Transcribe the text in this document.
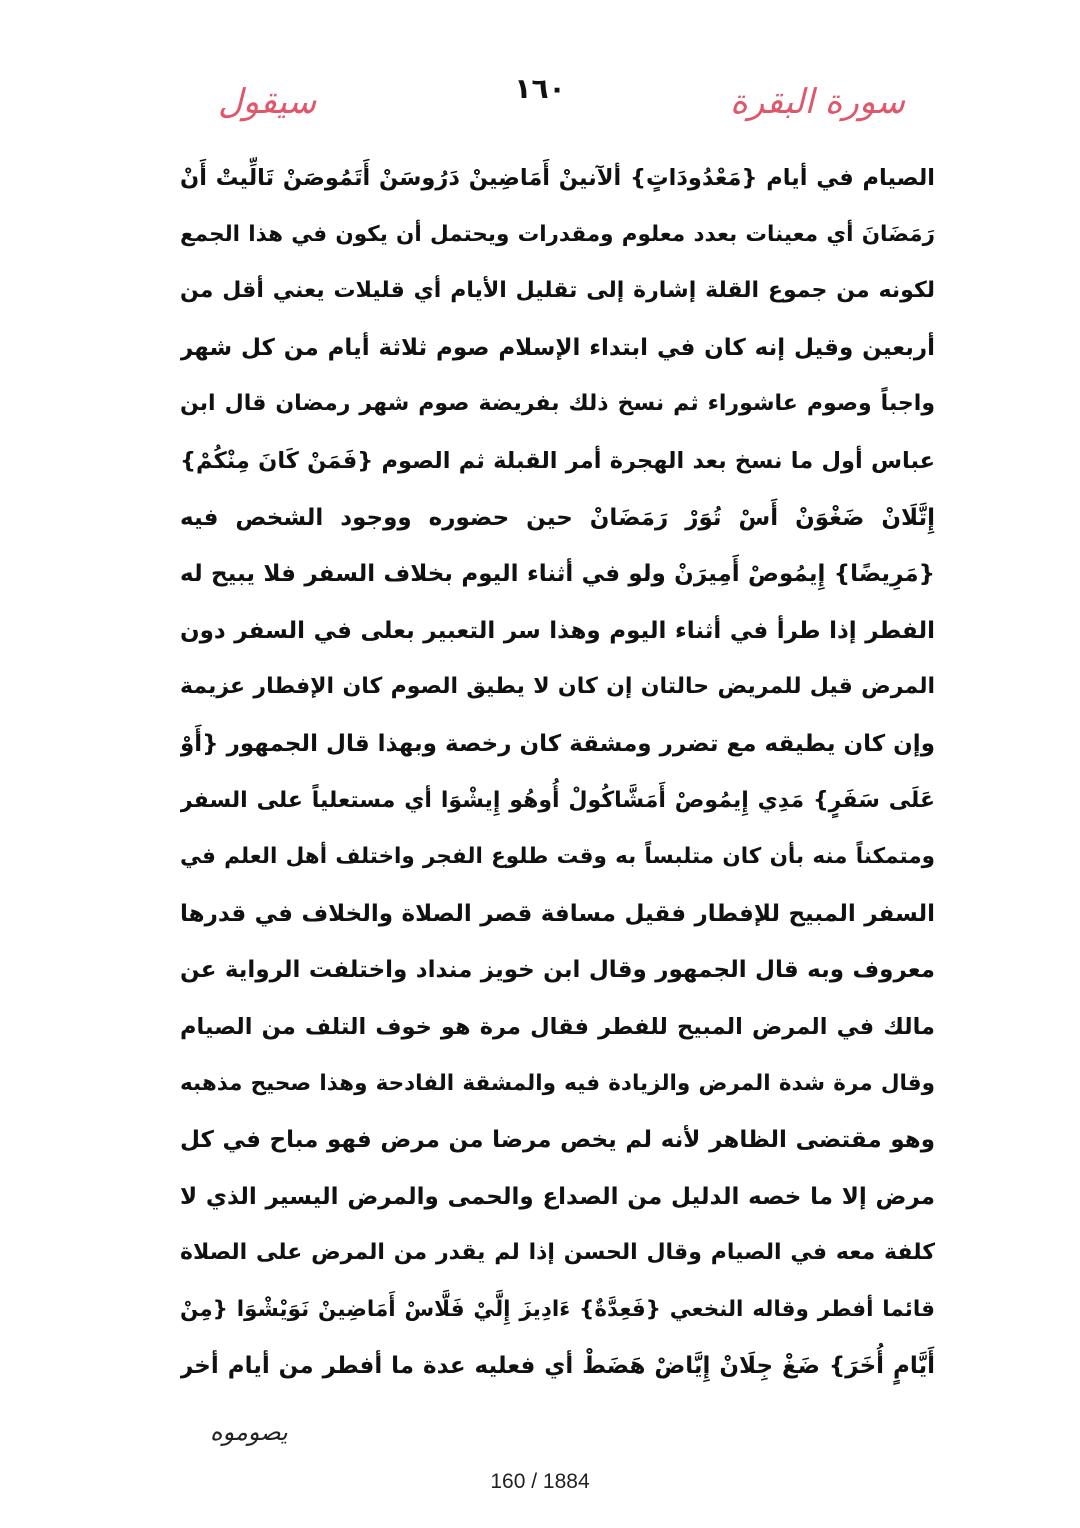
١٦٠	سورة البقرة
سيقول
الصيام في أيام {مَعْدُودَاتٍ} ألآنينْ أَمَاضِينْ دَرُوسَنْ أَتَمُوصَنْ تَالِّيتْ أَنْ
رَمَضَانَ أي معينات بعدد معلوم ومقدرات ويحتمل أن يكون في هذا الجمع
لكونه من جموع القلة إشارة إلى تقليل الأيام أي قليلات يعني أقل من
أربعين وقيل إنه كان في ابتداء الإسلام صوم ثلاثة أيام من كل شهر
واجباً وصوم عاشوراء ثم نسخ ذلك بفريضة صوم شهر رمضان قال ابن
عباس أول ما نسخ بعد الهجرة أمر القبلة ثم الصوم {فَمَنْ كَانَ مِنْكُمْ}
إِتَّلَانْ ضَغْوَنْ أَسْ تُوَرْ رَمَضَانْ حين حضوره ووجود الشخص فيه
{مَرِيضًا} إِيمُوصْ أَمِيرَنْ ولو في أثناء اليوم بخلاف السفر فلا يبيح له
الفطر إذا طرأ في أثناء اليوم وهذا سر التعبير بعلى في السفر دون
المرض قيل للمريض حالتان إن كان لا يطيق الصوم كان الإفطار عزيمة
وإن كان يطيقه مع تضرر ومشقة كان رخصة وبهذا قال الجمهور {أَوْ
عَلَى سَفَرٍ} مَدِي إِيمُوصْ أَمَشَّاكُولْ أُوهُو إِيشْوَا أي مستعلياً على السفر
ومتمكناً منه بأن كان متلبساً به وقت طلوع الفجر واختلف أهل العلم في
السفر المبيح للإفطار فقيل مسافة قصر الصلاة والخلاف في قدرها
معروف وبه قال الجمهور وقال ابن خويز منداد واختلفت الرواية عن
مالك في المرض المبيح للفطر فقال مرة هو خوف التلف من الصيام
وقال مرة شدة المرض والزيادة فيه والمشقة الفادحة وهذا صحيح مذهبه
وهو مقتضى الظاهر لأنه لم يخص مرضا من مرض فهو مباح في كل
مرض إلا ما خصه الدليل من الصداع والحمى والمرض اليسير الذي لا
كلفة معه في الصيام وقال الحسن إذا لم يقدر من المرض على الصلاة
قائما أفطر وقاله النخعي {فَعِدَّةٌ} ءَادِيزَ إِلَّيْ فَلَّاسْ أَمَاضِينْ نَوَيْشْوَا {مِنْ
أَيَّامٍ أُخَرَ} ضَغْ جِلَانْ إِيَّاضْ هَضَطْ أي فعليه عدة ما أفطر من أيام أخر
يصوموه
160 / 1884
